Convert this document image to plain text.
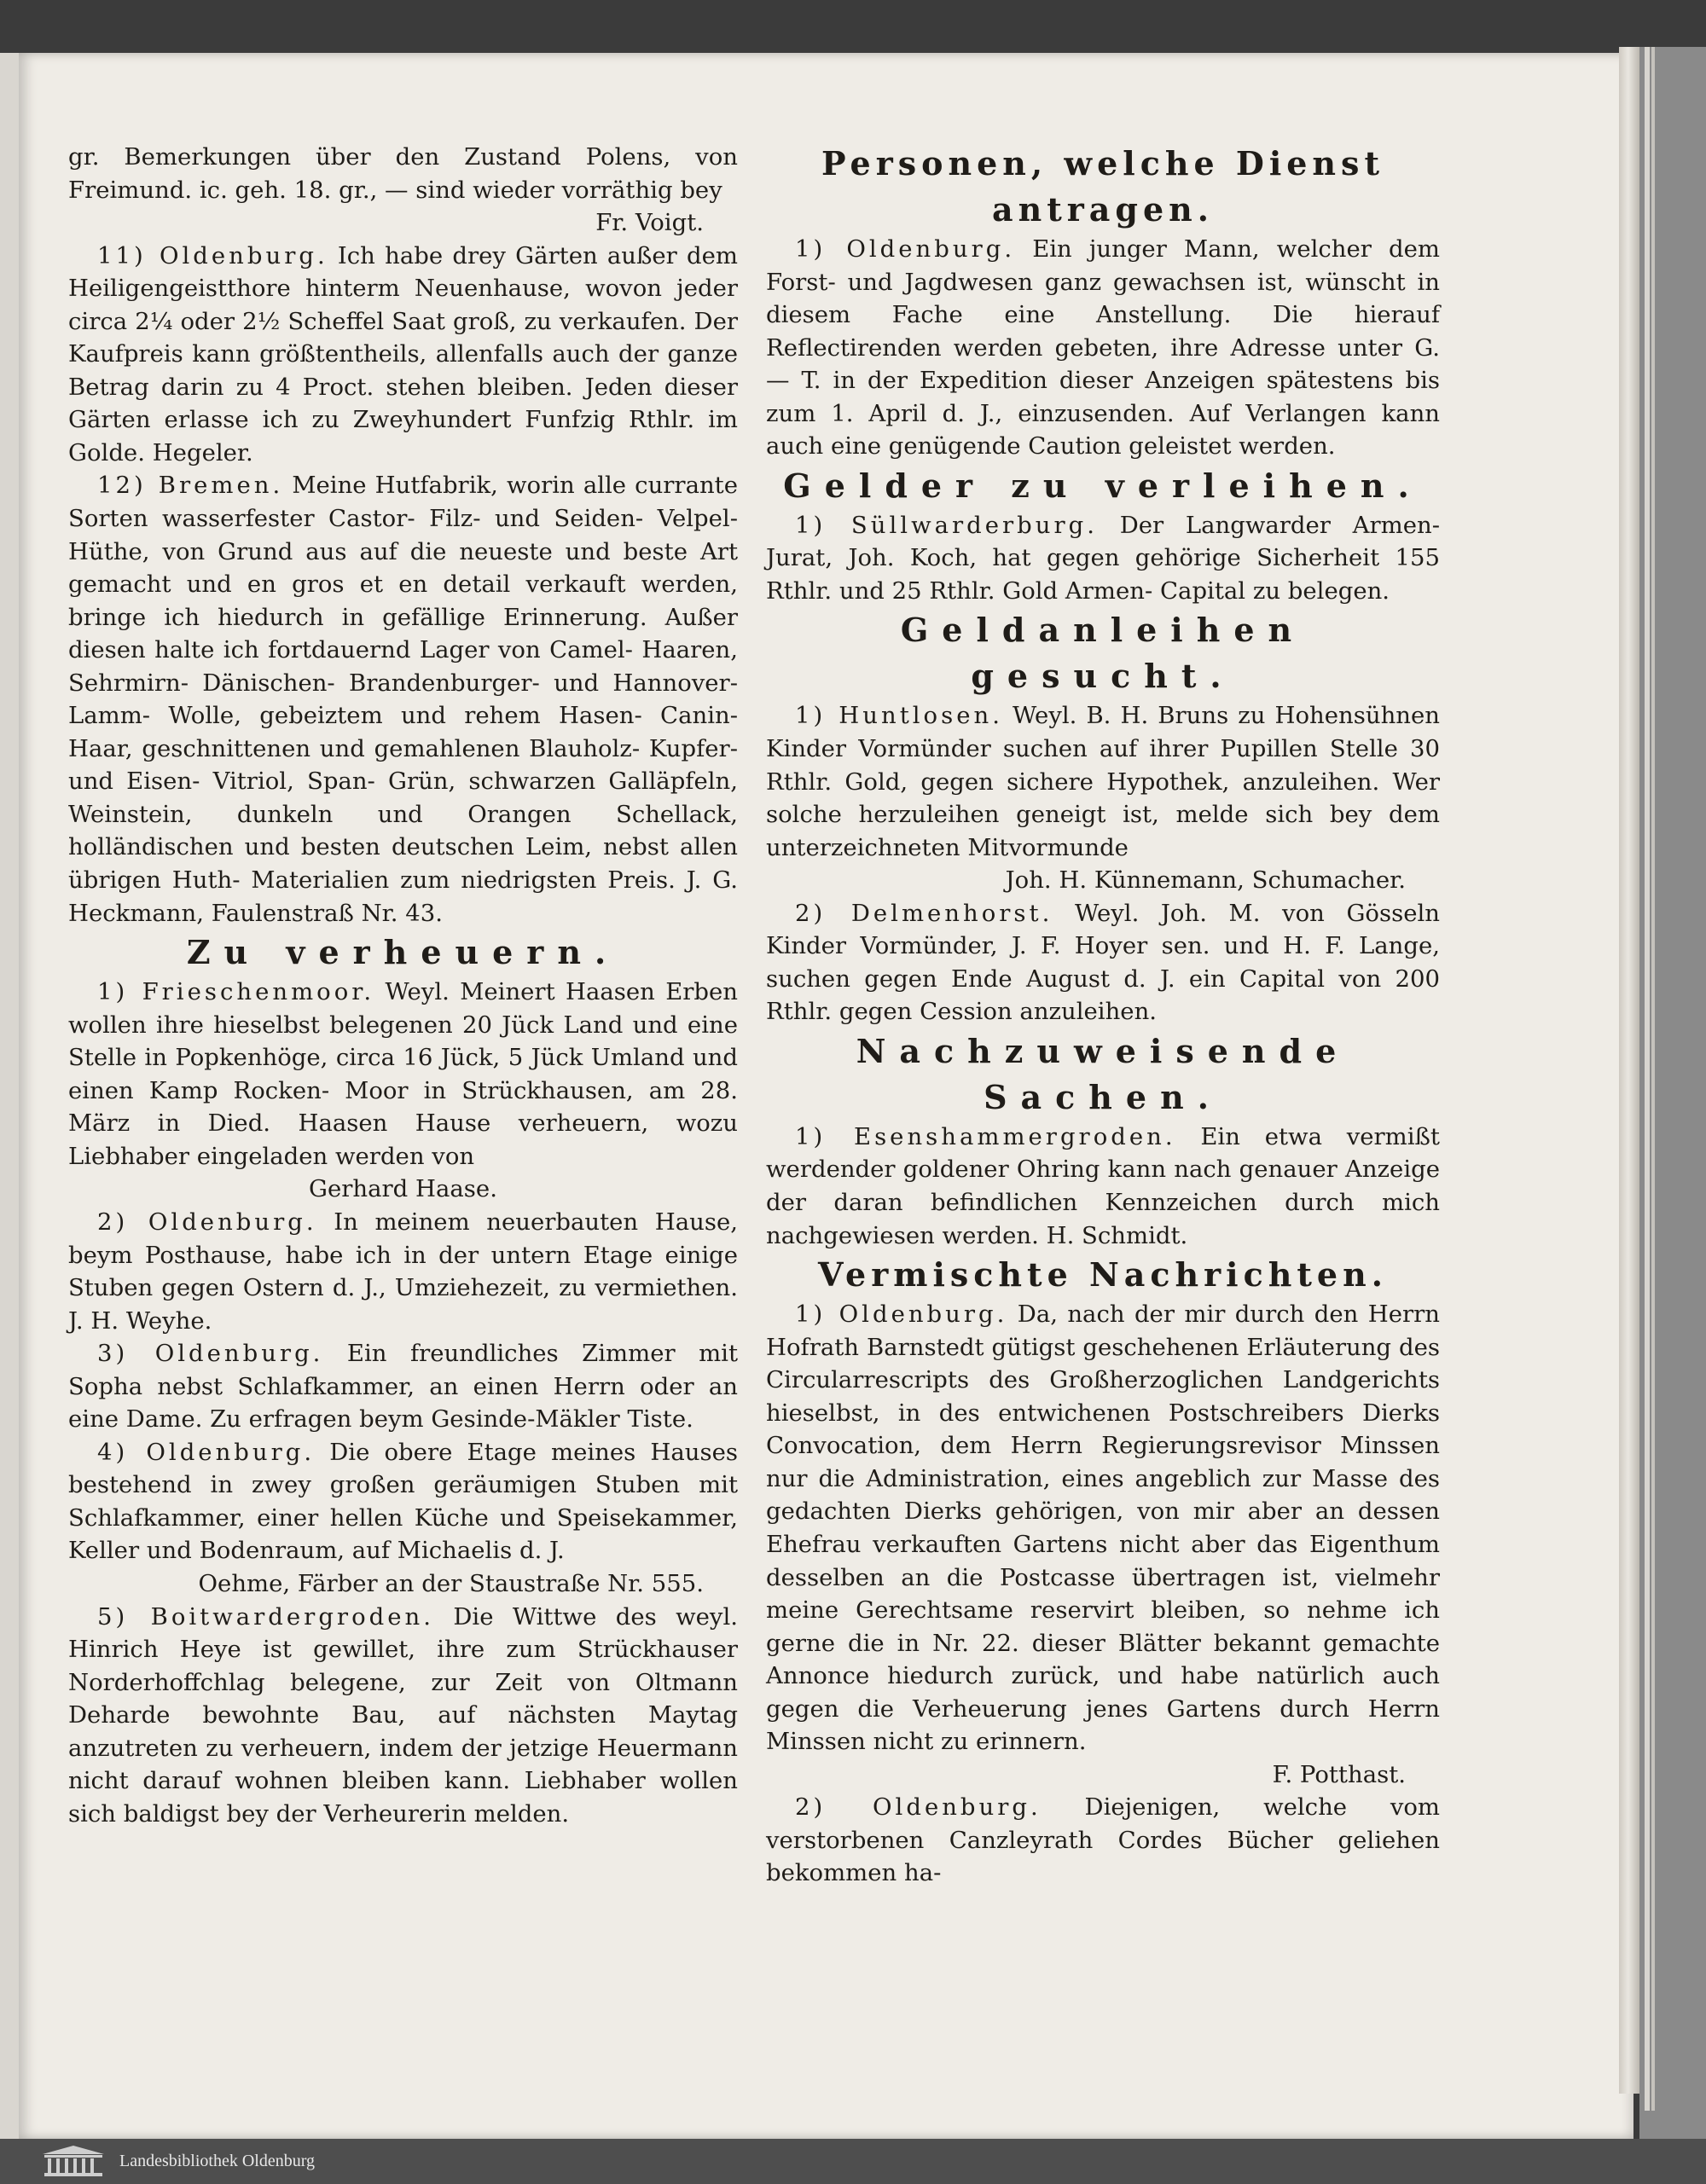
gr. Bemerkungen über den Zustand Polens, von Freimund. ic. geh. 18. gr., — sind wieder vorräthig bey

Fr. Voigt.

11) Oldenburg. Ich habe drey Gärten außer dem Heiligengeistthore hinterm Neuenhause, wovon jeder circa 2¼ oder 2½ Scheffel Saat groß, zu verkaufen. Der Kaufpreis kann größtentheils, allenfalls auch der ganze Betrag darin zu 4 Proct. stehen bleiben. Jeden dieser Gärten erlasse ich zu Zweyhundert Funfzig Rthlr. im Golde. Hegeler.

12) Bremen. Meine Hutfabrik, worin alle currante Sorten wasserfester Castor- Filz- und Seiden- Velpel- Hüthe, von Grund aus auf die neueste und beste Art gemacht und en gros et en detail verkauft werden, bringe ich hiedurch in gefällige Erinnerung. Außer diesen halte ich fortdauernd Lager von Camel- Haaren, Sehrmirn- Dänischen- Brandenburger- und Hannover-Lamm- Wolle, gebeiztem und rehem Hasen- Canin- Haar, geschnittenen und gemahlenen Blauholz- Kupfer- und Eisen- Vitriol, Span- Grün, schwarzen Galläpfeln, Weinstein, dunkeln und Orangen Schellack, holländischen und besten deutschen Leim, nebst allen übrigen Huth- Materialien zum niedrigsten Preis. J. G. Heckmann, Faulenstraß Nr. 43.

Zu verheuern.

1) Frieschenmoor. Weyl. Meinert Haasen Erben wollen ihre hieselbst belegenen 20 Jück Land und eine Stelle in Popkenhöge, circa 16 Jück, 5 Jück Umland und einen Kamp Rocken- Moor in Strückhausen, am 28. März in Died. Haasen Hause verheuern, wozu Liebhaber eingeladen werden von

Gerhard Haase.

2) Oldenburg. In meinem neuerbauten Hause, beym Posthause, habe ich in der untern Etage einige Stuben gegen Ostern d. J., Umziehezeit, zu vermiethen. J. H. Weyhe.

3) Oldenburg. Ein freundliches Zimmer mit Sopha nebst Schlafkammer, an einen Herrn oder an eine Dame. Zu erfragen beym Gesinde-Mäkler Tiste.

4) Oldenburg. Die obere Etage meines Hauses bestehend in zwey großen geräumigen Stuben mit Schlafkammer, einer hellen Küche und Speisekammer, Keller und Bodenraum, auf Michaelis d. J.

Oehme, Färber an der Staustraße Nr. 555.

5) Boitwardergroden. Die Wittwe des weyl. Hinrich Heye ist gewillet, ihre zum Strückhauser Norderhoffchlag belegene, zur Zeit von Oltmann Deharde bewohnte Bau, auf nächsten Maytag anzutreten zu verheuern, indem der jetzige Heuermann nicht darauf wohnen bleiben kann. Liebhaber wollen sich baldigst bey der Verheurerin melden.

Personen, welche Dienst antragen.

1) Oldenburg. Ein junger Mann, welcher dem Forst- und Jagdwesen ganz gewachsen ist, wünscht in diesem Fache eine Anstellung. Die hierauf Reflectirenden werden gebeten, ihre Adresse unter G. — T. in der Expedition dieser Anzeigen spätestens bis zum 1. April d. J., einzusenden. Auf Verlangen kann auch eine genügende Caution geleistet werden.

Gelder zu verleihen.

1) Süllwarderburg. Der Langwarder Armen- Jurat, Joh. Koch, hat gegen gehörige Sicherheit 155 Rthlr. und 25 Rthlr. Gold Armen- Capital zu belegen.

Geldanleihen gesucht.

1) Huntlosen. Weyl. B. H. Bruns zu Hohensühnen Kinder Vormünder suchen auf ihrer Pupillen Stelle 30 Rthlr. Gold, gegen sichere Hypothek, anzuleihen. Wer solche herzuleihen geneigt ist, melde sich bey dem unterzeichneten Mitvormunde

Joh. H. Künnemann, Schumacher.

2) Delmenhorst. Weyl. Joh. M. von Gösseln Kinder Vormünder, J. F. Hoyer sen. und H. F. Lange, suchen gegen Ende August d. J. ein Capital von 200 Rthlr. gegen Cession anzuleihen.

Nachzuweisende Sachen.

1) Esenshammergroden. Ein etwa vermißt werdender goldener Ohring kann nach genauer Anzeige der daran befindlichen Kennzeichen durch mich nachgewiesen werden. H. Schmidt.

Vermischte Nachrichten.

1) Oldenburg. Da, nach der mir durch den Herrn Hofrath Barnstedt gütigst geschehenen Erläuterung des Circularrescripts des Großherzoglichen Landgerichts hieselbst, in des entwichenen Postschreibers Dierks Convocation, dem Herrn Regierungsrevisor Minssen nur die Administration, eines angeblich zur Masse des gedachten Dierks gehörigen, von mir aber an dessen Ehefrau verkauften Gartens nicht aber das Eigenthum desselben an die Postcasse übertragen ist, vielmehr meine Gerechtsame reservirt bleiben, so nehme ich gerne die in Nr. 22. dieser Blätter bekannt gemachte Annonce hiedurch zurück, und habe natürlich auch gegen die Verheuerung jenes Gartens durch Herrn Minssen nicht zu erinnern.

F. Potthast.

2) Oldenburg. Diejenigen, welche vom verstorbenen Canzleyrath Cordes Bücher geliehen bekommen ha-

Landesbibliothek Oldenburg
